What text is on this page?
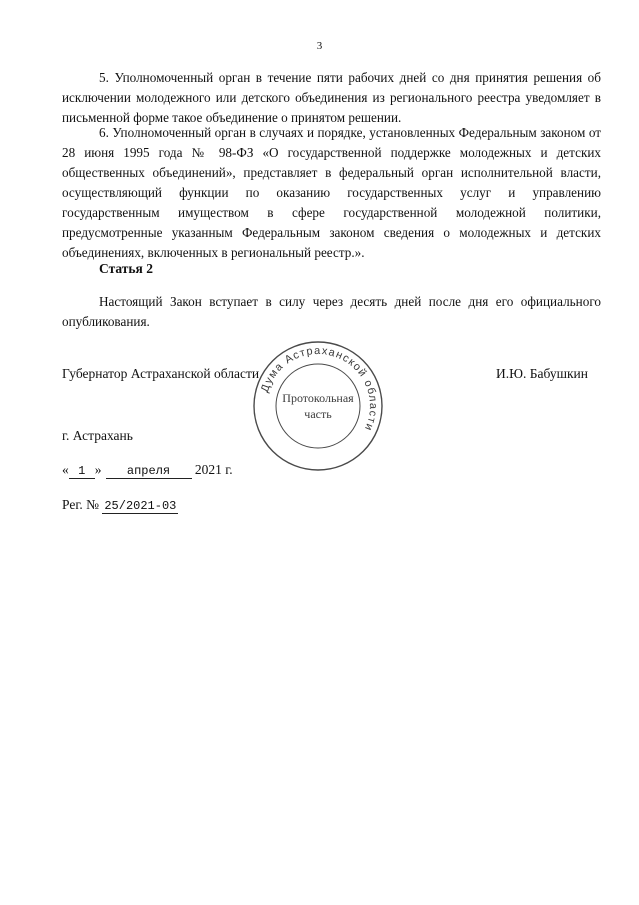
3

5. Уполномоченный орган в течение пяти рабочих дней со дня принятия решения об исключении молодежного или детского объединения из регионального реестра уведомляет в письменной форме такое объединение о принятом решении.

6. Уполномоченный орган в случаях и порядке, установленных Федеральным законом от 28 июня 1995 года № 98-ФЗ «О государственной поддержке молодежных и детских общественных объединений», представляет в федеральный орган исполнительной власти, осуществляющий функции по оказанию государственных услуг и управлению государственным имуществом в сфере государственной молодежной политики, предусмотренные указанным Федеральным законом сведения о молодежных и детских объединениях, включенных в региональный реестр.».

Статья 2

Настоящий Закон вступает в силу через десять дней после дня его официального опубликования.

Губернатор Астраханской области	И.Ю. Бабушкин
Дума Астраханской области
Протокольная
часть
г. Астрахань
« 1 » апреля 2021 г.
Рег. № 25/2021-03
